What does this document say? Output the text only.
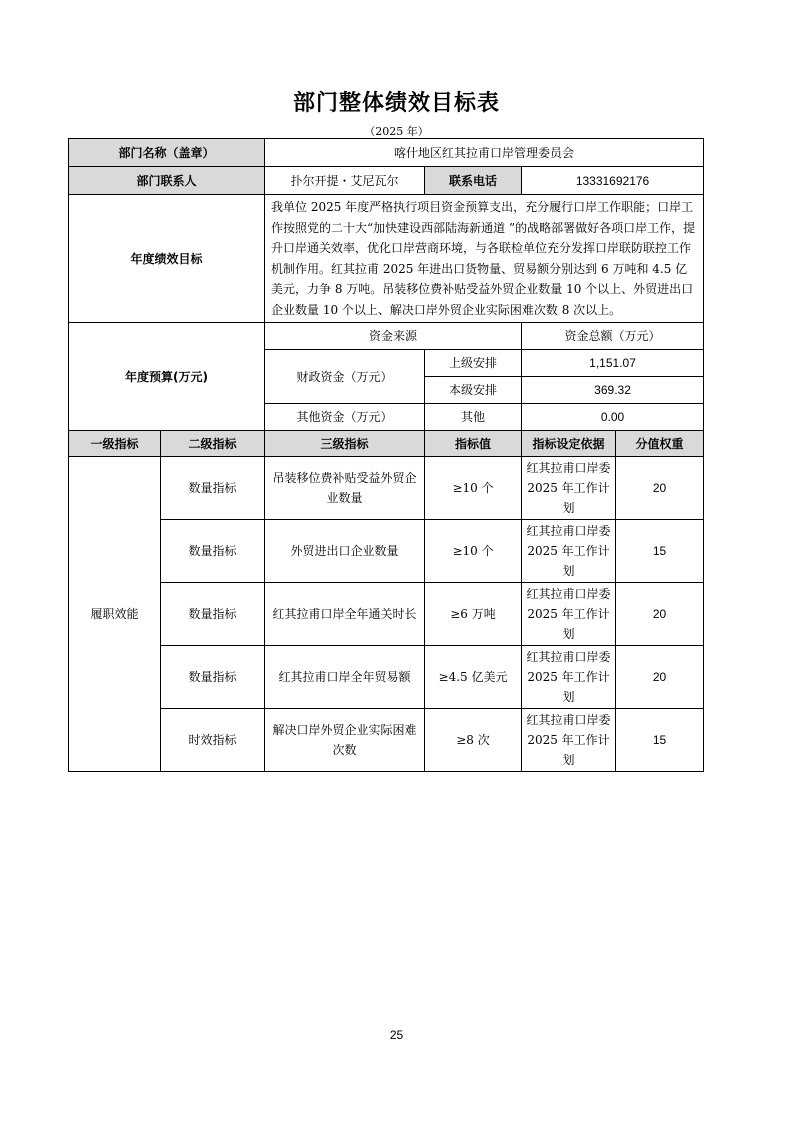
部门整体绩效目标表
（2025 年）
部门名称（盖章）		喀什地区红其拉甫口岸管理委员会			
部门联系人		扑尔开提・艾尼瓦尔	联系电话	13331692176	
年度绩效目标		我单位 2025 年度严格执行项目资金预算支出，充分履行口岸工作职能；口岸工作按照党的二十大“加快建设西部陆海新通道 ”的战略部署做好各项口岸工作，提升口岸通关效率，优化口岸营商环境，与各联检单位充分发挥口岸联防联控工作机制作用。红其拉甫 2025 年进出口货物量、贸易额分别达到 6 万吨和 4.5 亿美元，力争 8 万吨。吊装移位费补贴受益外贸企业数量 10 个以上、外贸进出口企业数量 10 个以上、解决口岸外贸企业实际困难次数 8 次以上。			
年度预算(万元)		资金来源		资金总额（万元）	
		财政资金（万元）	上级安排	1,151.07	
			本级安排	369.32	
		其他资金（万元）	其他	0.00	
一级指标	二级指标	三级指标	指标值	指标设定依据	分值权重
履职效能	数量指标	吊装移位费补贴受益外贸企业数量	≥10 个	红其拉甫口岸委 2025 年工作计划	20
	数量指标	外贸进出口企业数量	≥10 个	红其拉甫口岸委 2025 年工作计划	15
	数量指标	红其拉甫口岸全年通关时长	≥6 万吨	红其拉甫口岸委 2025 年工作计划	20
	数量指标	红其拉甫口岸全年贸易额	≥4.5 亿美元	红其拉甫口岸委 2025 年工作计划	20
	时效指标	解决口岸外贸企业实际困难次数	≥8 次	红其拉甫口岸委 2025 年工作计划	15
25
